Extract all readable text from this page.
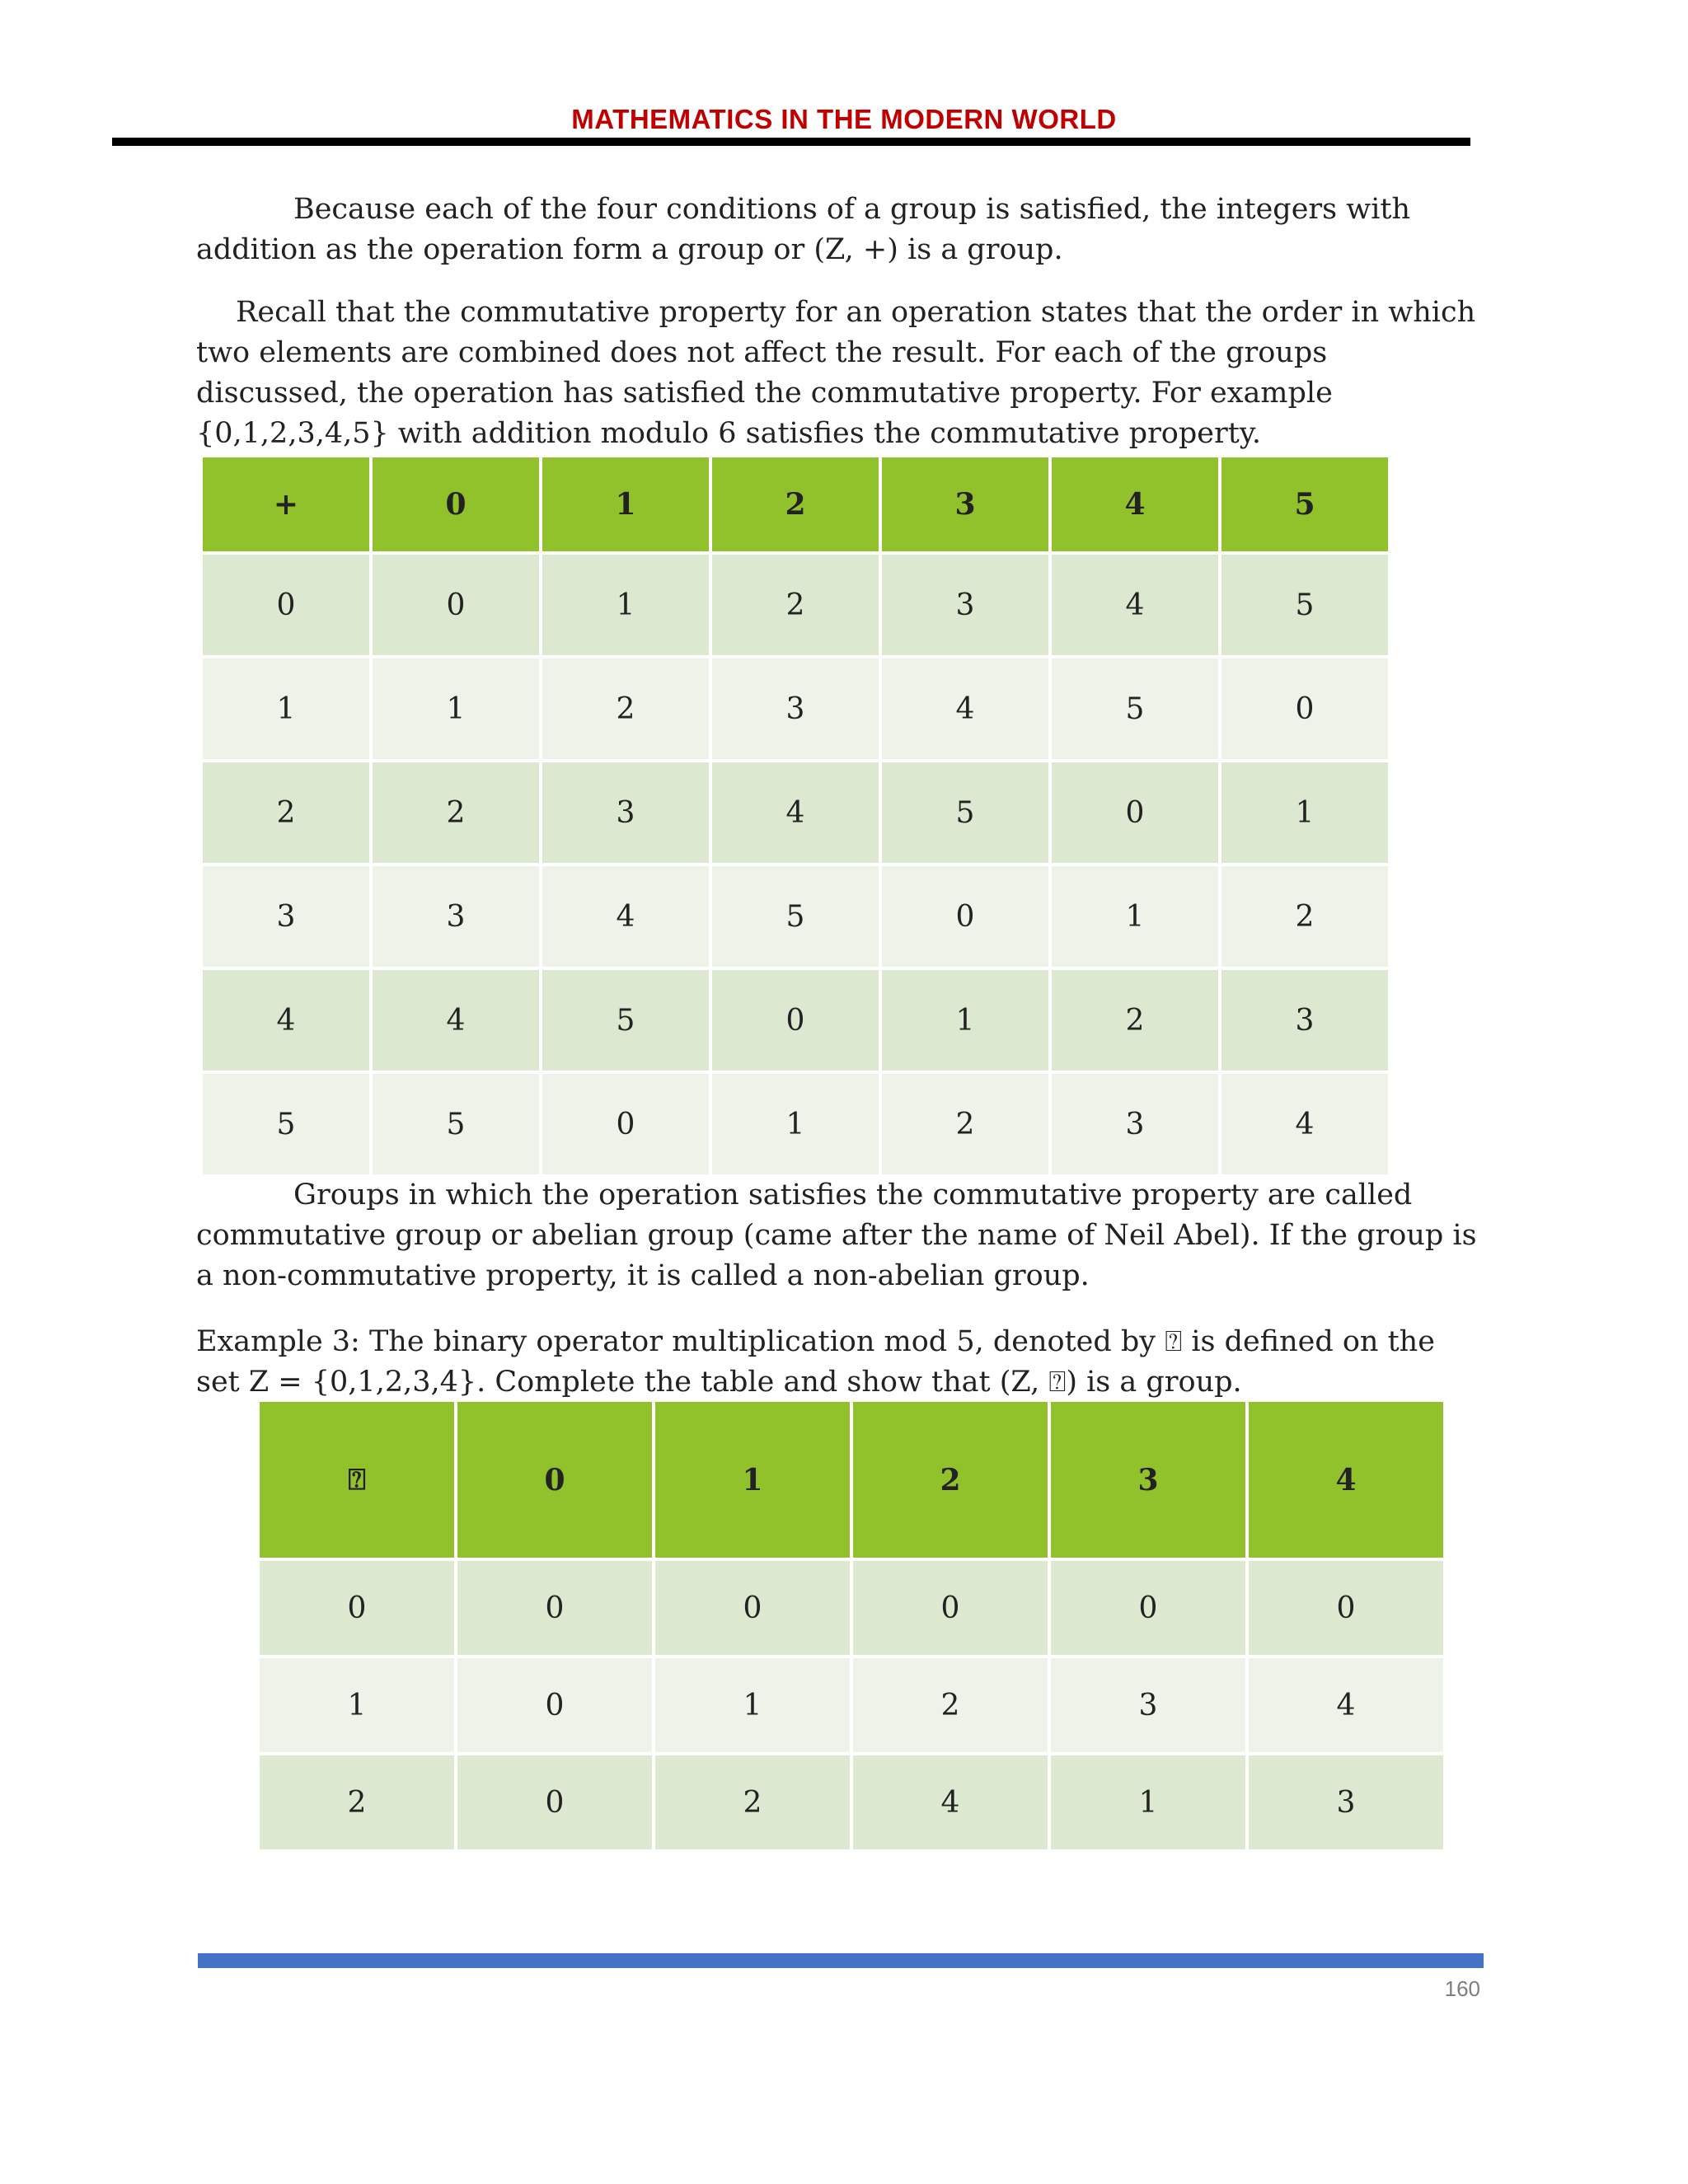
MATHEMATICS IN THE MODERN WORLD

Because each of the four conditions of a group is satisfied, the integers with addition as the operation form a group or (Z, +) is a group.

Recall that the commutative property for an operation states that the order in which two elements are combined does not affect the result. For each of the groups discussed, the operation has satisfied the commutative property. For example {0,1,2,3,4,5} with addition modulo 6 satisfies the commutative property.

+	0	1	2	3	4	5
0	0	1	2	3	4	5
1	1	2	3	4	5	0
2	2	3	4	5	0	1
3	3	4	5	0	1	2
4	4	5	0	1	2	3
5	5	0	1	2	3	4

Groups in which the operation satisfies the commutative property are called commutative group or abelian group (came after the name of Neil Abel). If the group is a non-commutative property, it is called a non-abelian group.

Example 3: The binary operator multiplication mod 5, denoted by ⍰ is defined on the set Z = {0,1,2,3,4}. Complete the table and show that (Z, ⍰) is a group.

⍰	0	1	2	3	4
0	0	0	0	0	0
1	0	1	2	3	4
2	0	2	4	1	3
160
